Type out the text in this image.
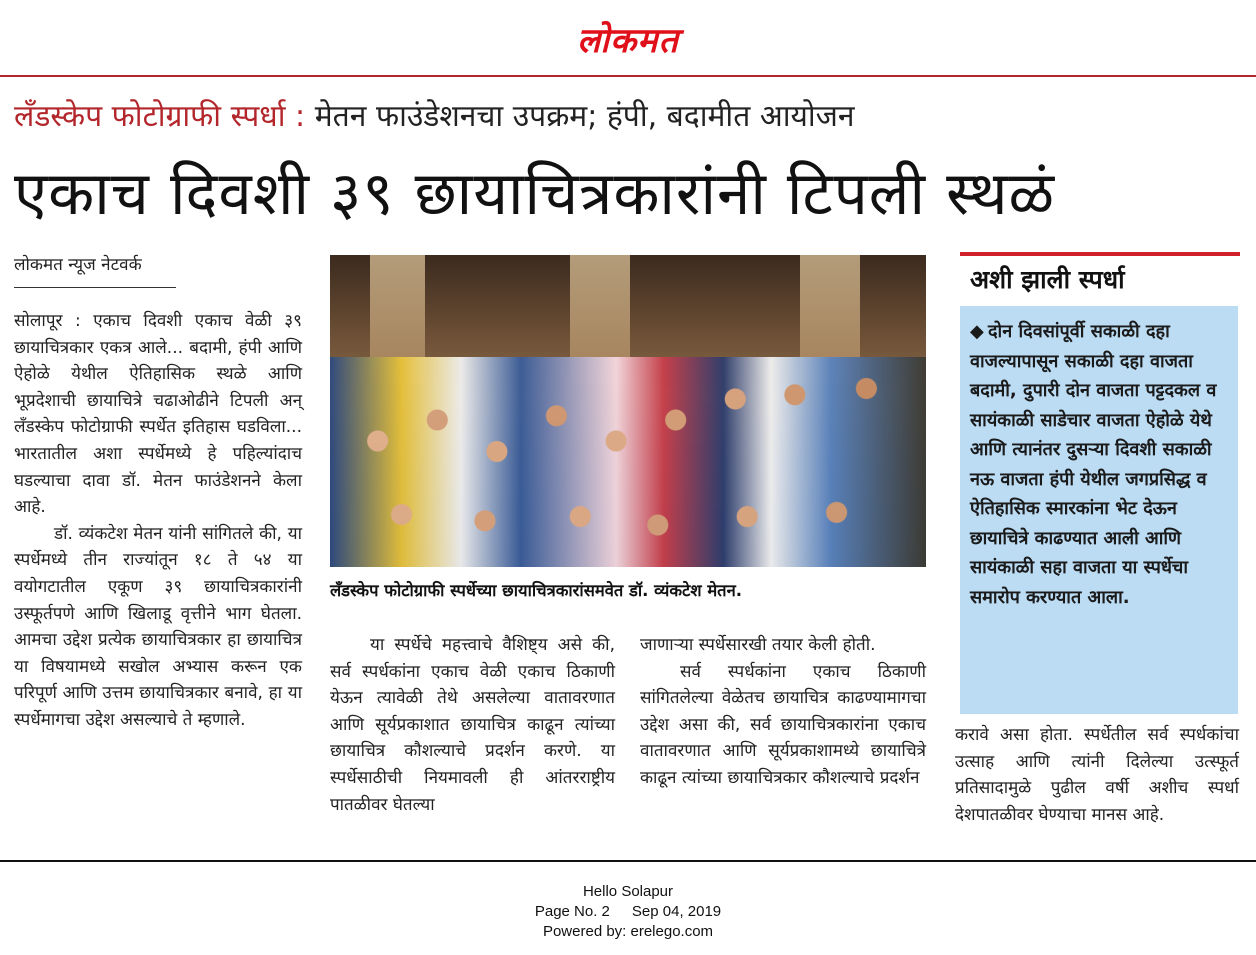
लोकमत
लँडस्केप फोटोग्राफी स्पर्धा : मेतन फाउंडेशनचा उपक्रम; हंपी, बदामीत आयोजन
एकाच दिवशी ३९ छायाचित्रकारांनी टिपली स्थळं
लोकमत न्यूज नेटवर्क

सोलापूर : एकाच दिवशी एकाच वेळी ३९ छायाचित्रकार एकत्र आले... बदामी, हंपी आणि ऐहोळे येथील ऐतिहासिक स्थळे आणि भूप्रदेशाची छायाचित्रे चढाओढीने टिपली अन् लँडस्केप फोटोग्राफी स्पर्धेत इतिहास घडविला... भारतातील अशा स्पर्धेमध्ये हे पहिल्यांदाच घडल्याचा दावा डॉ. मेतन फाउंडेशनने केला आहे.

डॉ. व्यंकटेश मेतन यांनी सांगितले की, या स्पर्धेमध्ये तीन राज्यांतून १८ ते ५४ या वयोगटातील एकूण ३९ छायाचित्रकारांनी उस्फूर्तपणे आणि खिलाडू वृत्तीने भाग घेतला. आमचा उद्देश प्रत्येक छायाचित्रकार हा छायाचित्र या विषयामध्ये सखोल अभ्यास करून एक परिपूर्ण आणि उत्तम छायाचित्रकार बनावे, हा या स्पर्धेमागचा उद्देश असल्याचे ते म्हणाले.

लँडस्केप फोटोग्राफी स्पर्धेच्या छायाचित्रकारांसमवेत डॉ. व्यंकटेश मेतन.

या स्पर्धेचे महत्त्वाचे वैशिष्ट्य असे की, सर्व स्पर्धकांना एकाच वेळी एकाच ठिकाणी येऊन त्यावेळी तेथे असलेल्या वातावरणात आणि सूर्यप्रकाशात छायाचित्र काढून त्यांच्या छायाचित्र कौशल्याचे प्रदर्शन करणे. या स्पर्धेसाठीची नियमावली ही आंतरराष्ट्रीय पातळीवर घेतल्या

जाणाऱ्या स्पर्धेसारखी तयार केली होती.

सर्व स्पर्धकांना एकाच ठिकाणी सांगितलेल्या वेळेतच छायाचित्र काढण्यामागचा उद्देश असा की, सर्व छायाचित्रकारांना एकाच वातावरणात आणि सूर्यप्रकाशामध्ये छायाचित्रे काढून त्यांच्या छायाचित्रकार कौशल्याचे प्रदर्शन

अशी झाली स्पर्धा
◆ दोन दिवसांपूर्वी सकाळी दहा वाजल्यापासून सकाळी दहा वाजता बदामी, दुपारी दोन वाजता पट्टदकल व सायंकाळी साडेचार वाजता ऐहोळे येथे आणि त्यानंतर दुसऱ्या दिवशी सकाळी नऊ वाजता हंपी येथील जगप्रसिद्ध व ऐतिहासिक स्मारकांना भेट देऊन छायाचित्रे काढण्यात आली आणि सायंकाळी सहा वाजता या स्पर्धेचा समारोप करण्यात आला.

करावे असा होता. स्पर्धेतील सर्व स्पर्धकांचा उत्साह आणि त्यांनी दिलेल्या उत्स्फूर्त प्रतिसादामुळे पुढील वर्षी अशीच स्पर्धा देशपातळीवर घेण्याचा मानस आहे.

Hello Solapur
Page No. 2 Sep 04, 2019
Powered by: erelego.com
